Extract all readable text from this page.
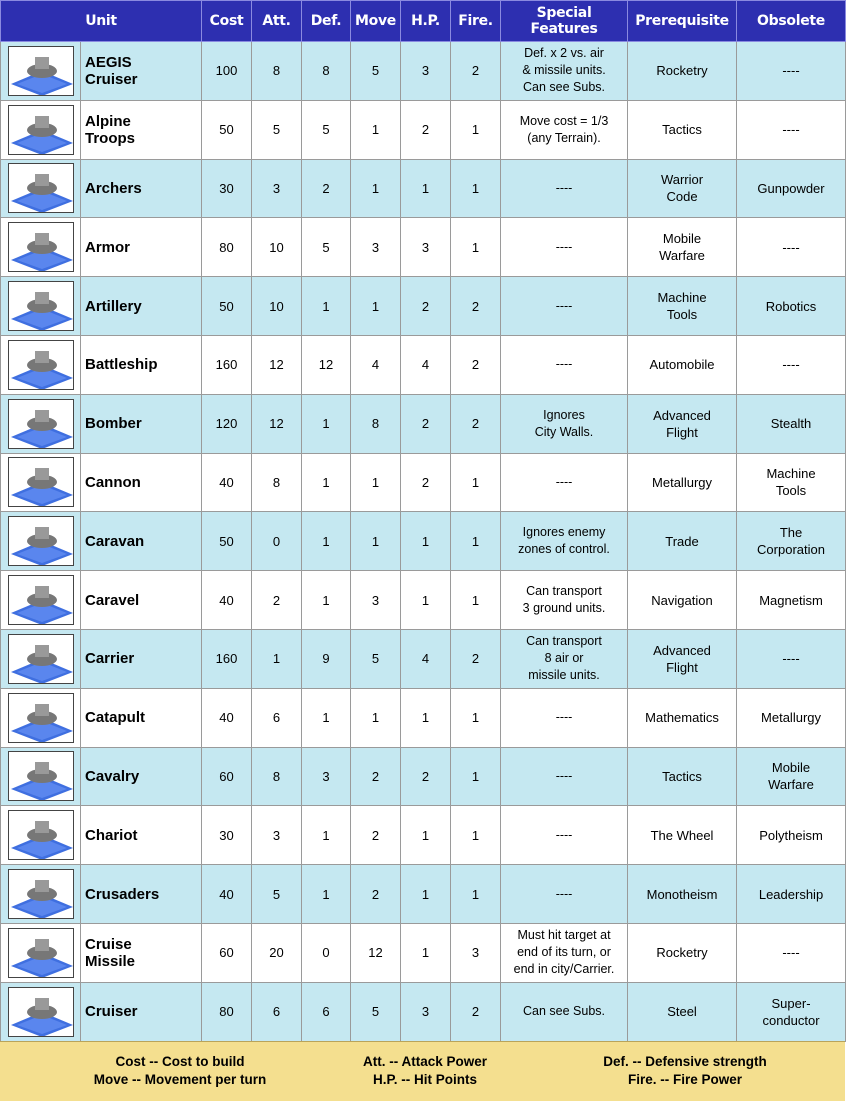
Unit		Cost	Att.	Def.	Move	H.P.	Fire.	Special Features	Prerequisite	Obsolete

	AEGIS
Cruiser	100	8	8	5	3	2	Def. x 2 vs. air
& missile units.
Can see Subs.	Rocketry	----

	Alpine
Troops	50	5	5	1	2	1	Move cost = 1/3
(any Terrain).	Tactics	----

	Archers	30	3	2	1	1	1	----	Warrior
Code	Gunpowder

	Armor	80	10	5	3	3	1	----	Mobile
Warfare	----

	Artillery	50	10	1	1	2	2	----	Machine
Tools	Robotics

	Battleship	160	12	12	4	4	2	----	Automobile	----

	Bomber	120	12	1	8	2	2	Ignores
City Walls.	Advanced
Flight	Stealth

	Cannon	40	8	1	1	2	1	----	Metallurgy	Machine
Tools

	Caravan	50	0	1	1	1	1	Ignores enemy
zones of control.	Trade	The
Corporation

	Caravel	40	2	1	3	1	1	Can transport
3 ground units.	Navigation	Magnetism

	Carrier	160	1	9	5	4	2	Can transport
8 air or
missile units.	Advanced
Flight	----

	Catapult	40	6	1	1	1	1	----	Mathematics	Metallurgy

	Cavalry	60	8	3	2	2	1	----	Tactics	Mobile
Warfare

	Chariot	30	3	1	2	1	1	----	The Wheel	Polytheism

	Crusaders	40	5	1	2	1	1	----	Monotheism	Leadership

	Cruise
Missile	60	20	0	12	1	3	Must hit target at
end of its turn, or
end in city/Carrier.	Rocketry	----

	Cruiser	80	6	6	5	3	2	Can see Subs.	Steel	Super-
conductor
Cost -- Cost to build
Move -- Movement per turn
Att. -- Attack Power
H.P. -- Hit Points
Def. -- Defensive strength
Fire. -- Fire Power
